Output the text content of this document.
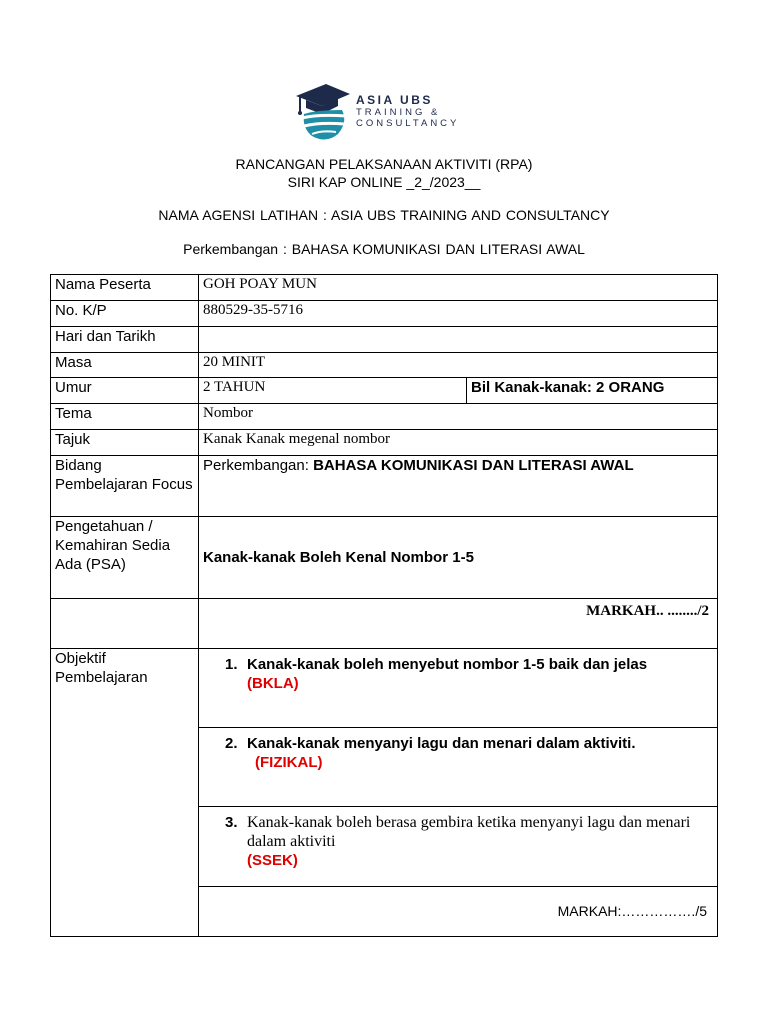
ASIA UBS
TRAINING &
CONSULTANCY
RANCANGAN PELAKSANAAN AKTIVITI (RPA)
SIRI KAP ONLINE _2_/2023__
NAMA AGENSI LATIHAN : ASIA UBS TRAINING AND CONSULTANCY
Perkembangan : BAHASA KOMUNIKASI DAN LITERASI AWAL
Nama Peserta	GOH POAY MUN	
No. K/P	880529-35-5716	
Hari dan Tarikh		
Masa	20 MINIT	
Umur	2 TAHUN	Bil Kanak-kanak: 2 ORANG
Tema	Nombor	
Tajuk	Kanak Kanak megenal nombor	
Bidang Pembelajaran Focus	Perkembangan: BAHASA KOMUNIKASI DAN LITERASI AWAL	
Pengetahuan / Kemahiran Sedia Ada (PSA)	Kanak-kanak Boleh Kenal Nombor 1-5	
	MARKAH.. ......../2	
Objektif Pembelajaran	1. Kanak-kanak boleh menyebut nombor 1-5 baik dan jelas
(BKLA)	

	2. Kanak-kanak menyanyi lagu dan menari dalam aktiviti.
(FIZIKAL)	

	3. Kanak-kanak boleh berasa gembira ketika menyanyi lagu dan menari dalam aktiviti
(SSEK)	

	MARKAH:……………./5	
